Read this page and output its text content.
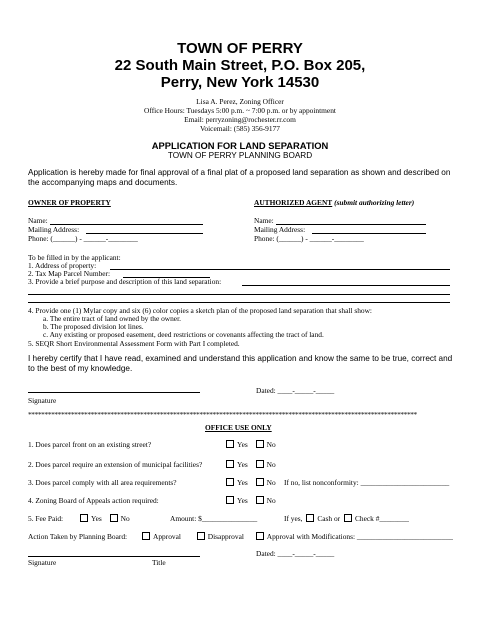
TOWN OF PERRY
22 South Main Street, P.O. Box 205,
Perry, New York 14530
Lisa A. Perez, Zoning Officer
Office Hours: Tuesdays 5:00 p.m. ~ 7:00 p.m. or by appointment
Email: perryzoning@rochester.rr.com
Voicemail: (585) 356-9177
APPLICATION FOR LAND SEPARATION
TOWN OF PERRY PLANNING BOARD
Application is hereby made for final approval of a final plat of a proposed land separation as shown and described on the accompanying maps and documents.
OWNER OF PROPERTY	AUTHORIZED AGENT (submit authorizing letter)
Name:
Mailing Address:
Phone: (______) - ______-________
Name:
Mailing Address:
Phone: (______) - ______-________
To be filled in by the applicant:
1. Address of property:
2. Tax Map Parcel Number:
3. Provide a brief purpose and description of this land separation:
4. Provide one (1) Mylar copy and six (6) color copies a sketch plan of the proposed land separation that shall show:
a. The entire tract of land owned by the owner.
b. The proposed division lot lines.
c. Any existing or proposed easement, deed restrictions or covenants affecting the tract of land.
5. SEQR Short Environmental Assessment Form with Part I completed.
I hereby certify that I have read, examined and understand this application and know the same to be true, correct and to the best of my knowledge.
Dated: ____-_____-_____
Signature
**********************************************************************************************************************
OFFICE USE ONLY
1. Does parcel front on an existing street?	Yes	No
2. Does parcel require an extension of municipal facilities?	Yes	No
3. Does parcel comply with all area requirements?	Yes	No If no, list nonconformity: ________________________
4. Zoning Board of Appeals action required:	Yes	No
5. Fee Paid:	Yes	No	Amount: $_______________	If yes, Cash or Check #________
Action Taken by Planning Board:	Approval	Disapproval	Approval with Modifications: __________________________
Dated: ____-_____-_____
Signature	Title
